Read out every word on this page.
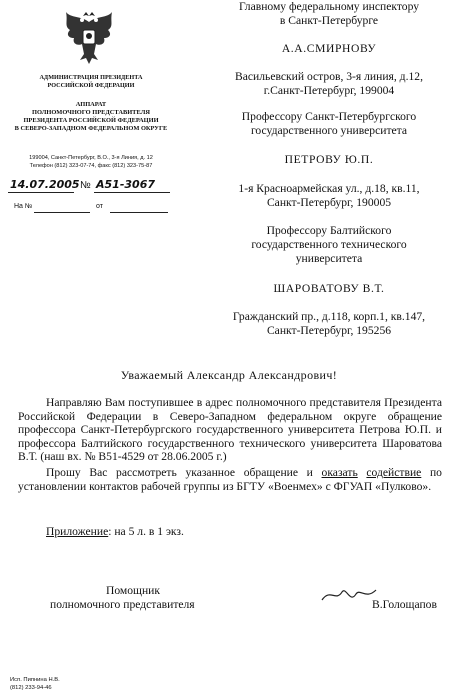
АДМИНИСТРАЦИЯ ПРЕЗИДЕНТА
РОССИЙСКОЙ ФЕДЕРАЦИИ
АППАРАТ
ПОЛНОМОЧНОГО ПРЕДСТАВИТЕЛЯ
ПРЕЗИДЕНТА РОССИЙСКОЙ ФЕДЕРАЦИИ
В СЕВЕРО-ЗАПАДНОМ ФЕДЕРАЛЬНОМ ОКРУГЕ
199004, Санкт-Петербург, В.О., 3-я Линия, д. 12
Телефон (812) 323-07-74, факс (812) 323-75-87
14.07.2005 № А51-3067
На №	от
Главному федеральному инспектору
в Санкт-Петербурге
А.А.СМИРНОВУ
Васильевский остров, 3-я линия, д.12,
г.Санкт-Петербург, 199004
Профессору Санкт-Петербургского
государственного университета
ПЕТРОВУ Ю.П.
1-я Красноармейская ул., д.18, кв.11,
Санкт-Петербург, 190005
Профессору Балтийского
государственного технического
университета
ШАРОВАТОВУ В.Т.
Гражданский пр., д.118, корп.1, кв.147,
Санкт-Петербург, 195256
Уважаемый Александр Александрович!
Направляю Вам поступившее в адрес полномочного представителя Президента Российской Федерации в Северо-Западном федеральном округе обращение профессора Санкт-Петербургского государственного университета Петрова Ю.П. и профессора Балтийского государственного технического университета Шароватова В.Т. (наш вх. № В51-4529 от 28.06.2005 г.)
Прошу Вас рассмотреть указанное обращение и оказать содействие по установлении контактов рабочей группы из БГТУ «Военмех» с ФГУАП «Пулково».
Приложение: на 5 л. в 1 экз.
Помощник
полномочного представителя	В.Голощапов
Исп. Пипнина Н.В.
(812) 233-94-46
